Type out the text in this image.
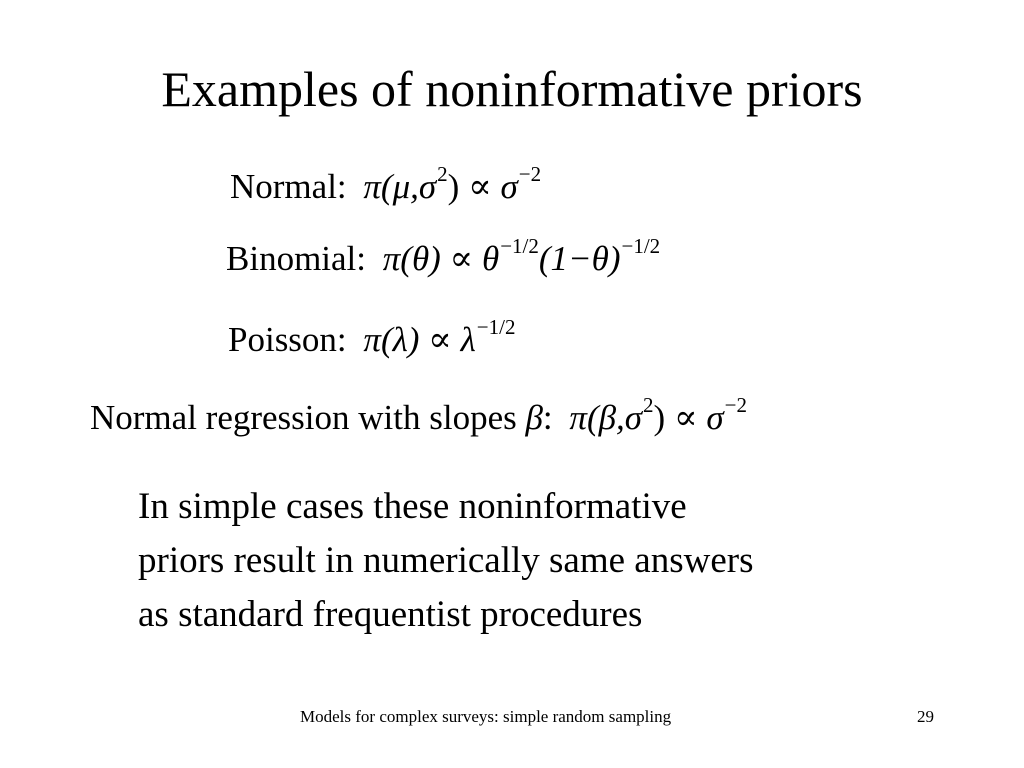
Examples of noninformative priors
Normal: $\pi(\mu,\sigma^2) \propto \sigma^{-2}$
Binomial: $\pi(\theta) \propto \theta^{-1/2}(1-\theta)^{-1/2}$
Poisson: $\pi(\lambda) \propto \lambda^{-1/2}$
Normal regression with slopes β: $\pi(\beta,\sigma^2) \propto \sigma^{-2}$
In simple cases these noninformative
priors result in numerically same answers
as standard frequentist procedures
Models for complex surveys: simple random sampling	29
